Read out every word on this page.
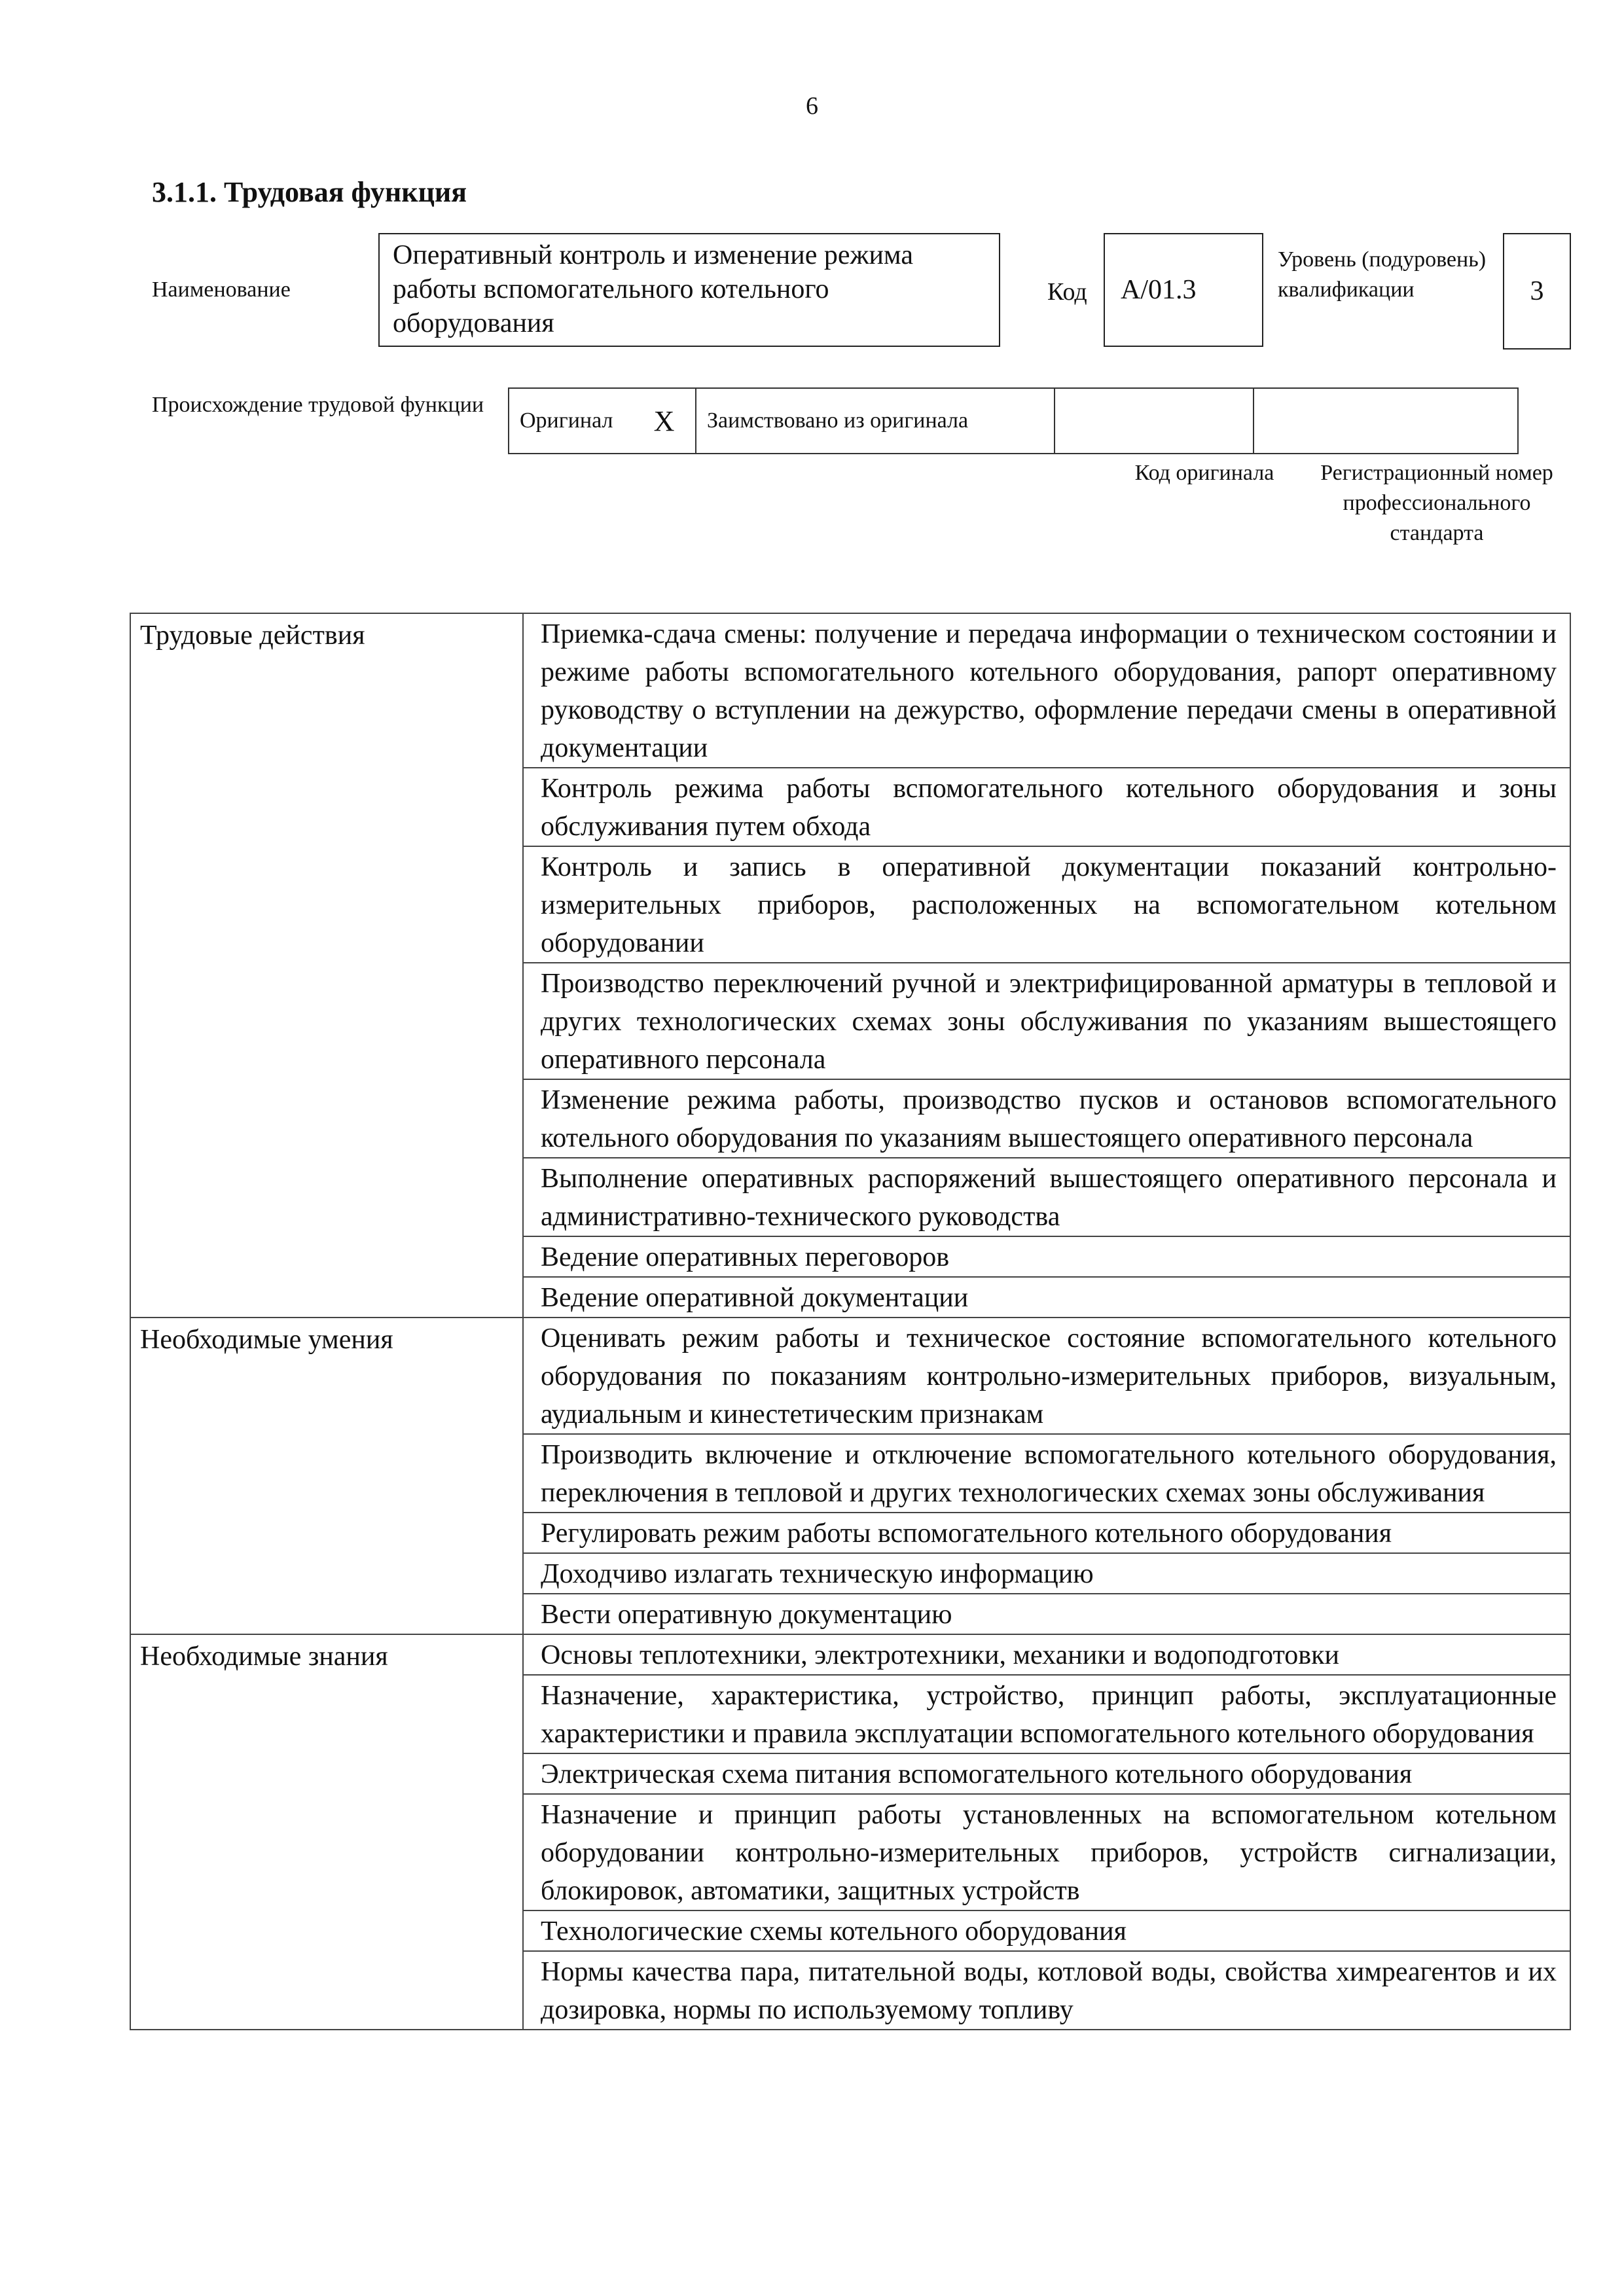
6
3.1.1. Трудовая функция
Наименование
Оперативный контроль и изменение режима работы вспомогательного котельного оборудования
Код	А/01.3
Уровень (подуровень) квалификации	3
Происхождение трудовой функции
Оригинал	X	Заимствовано из оригинала		
Код оригинала	Регистрационный номер профессионального стандарта
Трудовые действия	Приемка-сдача смены: получение и передача информации о техническом состоянии и режиме работы вспомогательного котельного оборудования, рапорт оперативному руководству о вступлении на дежурство, оформление передачи смены в оперативной документации
	Контроль режима работы вспомогательного котельного оборудования и зоны обслуживания путем обхода
	Контроль и запись в оперативной документации показаний контрольно-измерительных приборов, расположенных на вспомогательном котельном оборудовании
	Производство переключений ручной и электрифицированной арматуры в тепловой и других технологических схемах зоны обслуживания по указаниям вышестоящего оперативного персонала
	Изменение режима работы, производство пусков и остановов вспомогательного котельного оборудования по указаниям вышестоящего оперативного персонала
	Выполнение оперативных распоряжений вышестоящего оперативного персонала и административно-технического руководства
	Ведение оперативных переговоров
	Ведение оперативной документации
Необходимые умения	Оценивать режим работы и техническое состояние вспомогательного котельного оборудования по показаниям контрольно-измерительных приборов, визуальным, аудиальным и кинестетическим признакам
	Производить включение и отключение вспомогательного котельного оборудования, переключения в тепловой и других технологических схемах зоны обслуживания
	Регулировать режим работы вспомогательного котельного оборудования
	Доходчиво излагать техническую информацию
	Вести оперативную документацию
Необходимые знания	Основы теплотехники, электротехники, механики и водоподготовки
	Назначение, характеристика, устройство, принцип работы, эксплуатационные характеристики и правила эксплуатации вспомогательного котельного оборудования
	Электрическая схема питания вспомогательного котельного оборудования
	Назначение и принцип работы установленных на вспомогательном котельном оборудовании контрольно-измерительных приборов, устройств сигнализации, блокировок, автоматики, защитных устройств
	Технологические схемы котельного оборудования
	Нормы качества пара, питательной воды, котловой воды, свойства химреагентов и их дозировка, нормы по используемому топливу
